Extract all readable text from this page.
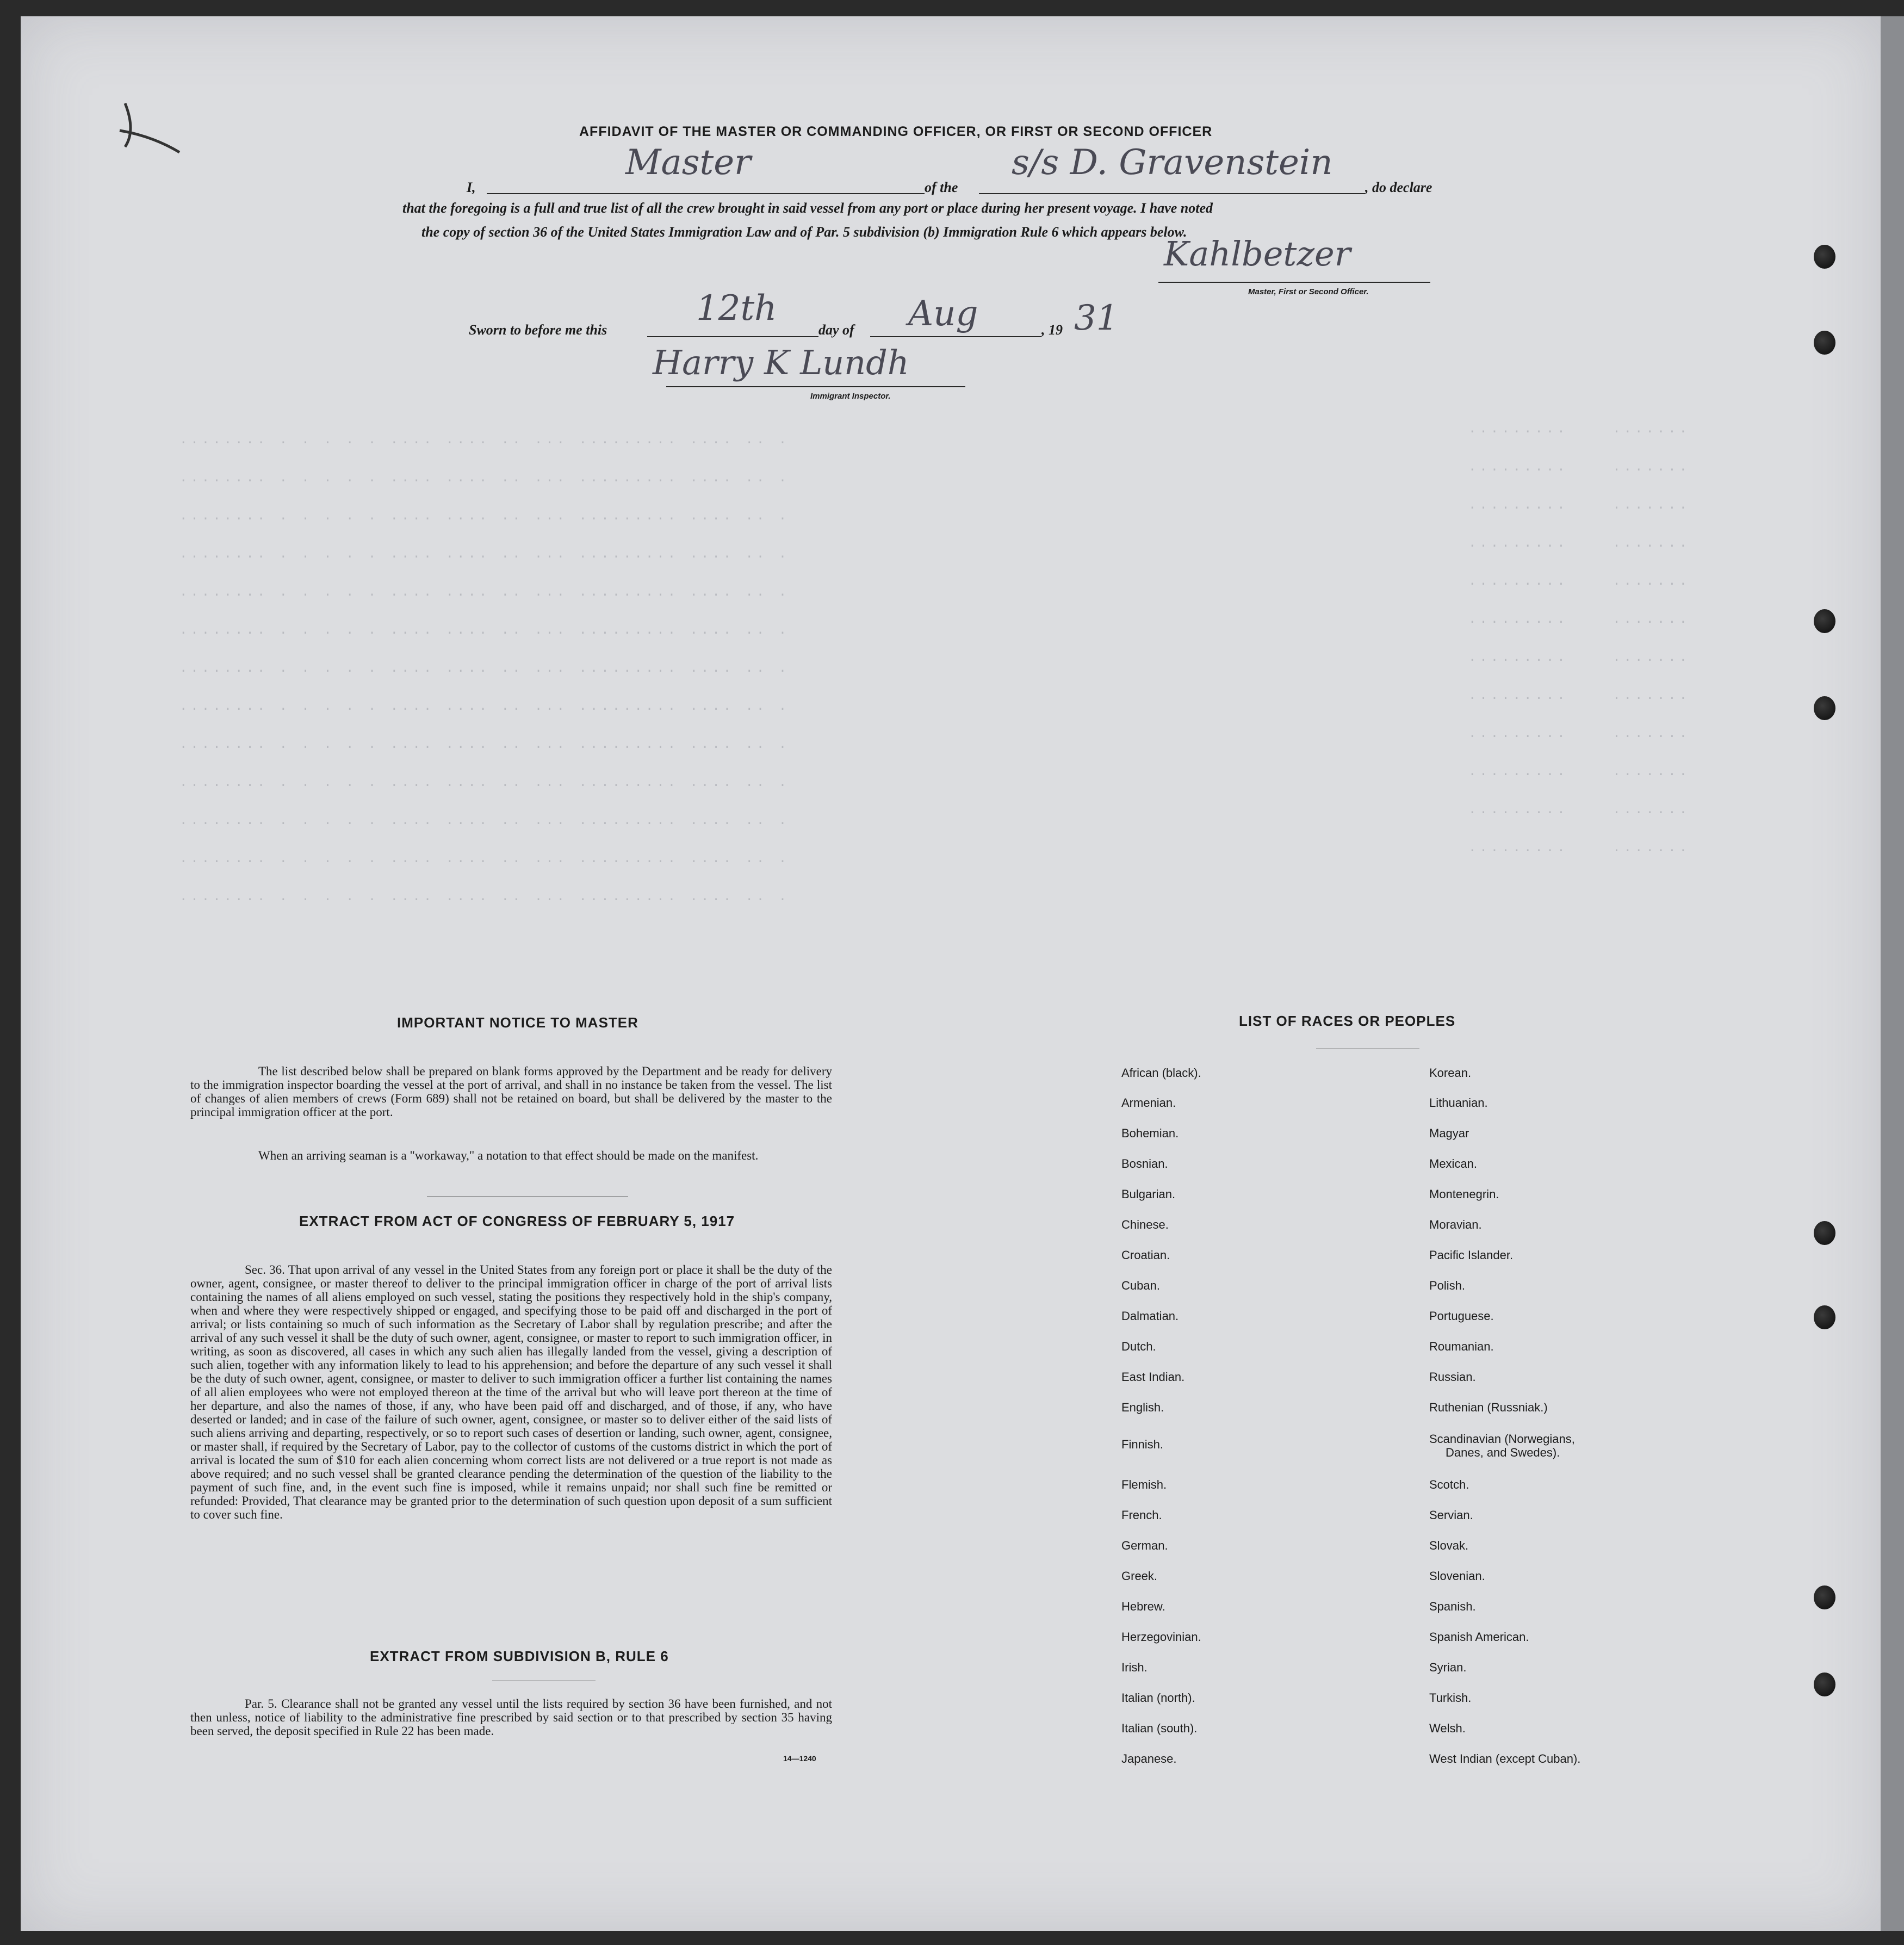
········ · · · · · ···· ···· ·· ··· ········· ···· ·· ·
········ · · · · · ···· ···· ·· ··· ········· ···· ·· ·
········ · · · · · ···· ···· ·· ··· ········· ···· ·· ·
········ · · · · · ···· ···· ·· ··· ········· ···· ·· ·
········ · · · · · ···· ···· ·· ··· ········· ···· ·· ·
········ · · · · · ···· ···· ·· ··· ········· ···· ·· ·
········ · · · · · ···· ···· ·· ··· ········· ···· ·· ·
········ · · · · · ···· ···· ·· ··· ········· ···· ·· ·
········ · · · · · ···· ···· ·· ··· ········· ···· ·· ·
········ · · · · · ···· ···· ·· ··· ········· ···· ·· ·
········ · · · · · ···· ···· ·· ··· ········· ···· ·· ·
········ · · · · · ···· ···· ·· ··· ········· ···· ·· ·
········ · · · · · ···· ···· ·· ··· ········· ···· ·· ·
·········    ·······
·········    ·······
·········    ·······
·········    ·······
·········    ·······
·········    ·······
·········    ·······
·········    ·······
·········    ·······
·········    ·······
·········    ·······
·········    ·······
AFFIDAVIT OF THE MASTER OR COMMANDING OFFICER, OR FIRST OR SECOND OFFICER
I,
Master
of the
s/s D. Gravenstein
, do declare
that the foregoing is a full and true list of all the crew brought in said vessel from any port or place during her present voyage. I have noted
the copy of section 36 of the United States Immigration Law and of Par. 5 subdivision (b) Immigration Rule 6 which appears below.
Kahlbetzer
Master, First or Second Officer.
Sworn to before me this
12th
day of Aug	, 19 31
Harry K Lundh
Immigrant Inspector.
IMPORTANT NOTICE TO MASTER
The list described below shall be prepared on blank forms approved by the Department and be ready for delivery to the immigration inspector boarding the vessel at the port of arrival, and shall in no instance be taken from the vessel. The list of changes of alien members of crews (Form 689) shall not be retained on board, but shall be delivered by the master to the principal immigration officer at the port.
When an arriving seaman is a "workaway," a notation to that effect should be made on the manifest.
EXTRACT FROM ACT OF CONGRESS OF FEBRUARY 5, 1917
Sec. 36. That upon arrival of any vessel in the United States from any foreign port or place it shall be the duty of the owner, agent, consignee, or master thereof to deliver to the principal immigration officer in charge of the port of arrival lists containing the names of all aliens employed on such vessel, stating the positions they respectively hold in the ship's company, when and where they were respectively shipped or engaged, and specifying those to be paid off and discharged in the port of arrival; or lists containing so much of such information as the Secretary of Labor shall by regulation prescribe; and after the arrival of any such vessel it shall be the duty of such owner, agent, consignee, or master to report to such immigration officer, in writing, as soon as discovered, all cases in which any such alien has illegally landed from the vessel, giving a description of such alien, together with any information likely to lead to his apprehension; and before the departure of any such vessel it shall be the duty of such owner, agent, consignee, or master to deliver to such immigration officer a further list containing the names of all alien employees who were not employed thereon at the time of the arrival but who will leave port thereon at the time of her departure, and also the names of those, if any, who have been paid off and discharged, and of those, if any, who have deserted or landed; and in case of the failure of such owner, agent, consignee, or master so to deliver either of the said lists of such aliens arriving and departing, respectively, or so to report such cases of desertion or landing, such owner, agent, consignee, or master shall, if required by the Secretary of Labor, pay to the collector of customs of the customs district in which the port of arrival is located the sum of $10 for each alien concerning whom correct lists are not delivered or a true report is not made as above required; and no such vessel shall be granted clearance pending the determination of the question of the liability to the payment of such fine, and, in the event such fine is imposed, while it remains unpaid; nor shall such fine be remitted or refunded: Provided, That clearance may be granted prior to the determination of such question upon deposit of a sum sufficient to cover such fine.
EXTRACT FROM SUBDIVISION B, RULE 6
Par. 5. Clearance shall not be granted any vessel until the lists required by section 36 have been furnished, and not then unless, notice of liability to the administrative fine prescribed by said section or to that prescribed by section 35 having been served, the deposit specified in Rule 22 has been made.
14—1240
LIST OF RACES OR PEOPLES
African (black).
Armenian.
Bohemian.
Bosnian.
Bulgarian.
Chinese.
Croatian.
Cuban.
Dalmatian.
Dutch.
East Indian.
English.
Finnish.
Flemish.
French.
German.
Greek.
Hebrew.
Herzegovinian.
Irish.
Italian (north).
Italian (south).
Japanese.
Korean.
Lithuanian.
Magyar
Mexican.
Montenegrin.
Moravian.
Pacific Islander.
Polish.
Portuguese.
Roumanian.
Russian.
Ruthenian (Russniak.)
Scandinavian (Norwegians,
Danes, and Swedes).
Scotch.
Servian.
Slovak.
Slovenian.
Spanish.
Spanish American.
Syrian.
Turkish.
Welsh.
West Indian (except Cuban).
